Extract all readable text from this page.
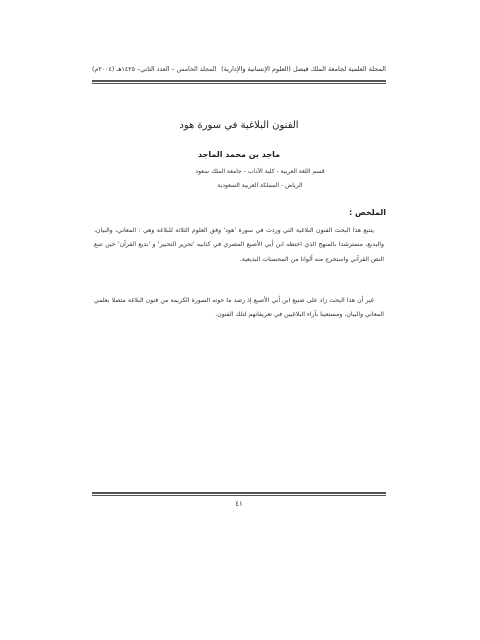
المجلة العلمية لجامعة الملك فيصل (العلوم الإنسانية والإدارية)
المجلد الخامس – العدد الثاني– ١٤٢٥هـ (٢٠٠٤م)
الفنون البلاغية في سورة هود
ماجد بن محمد الماجد
قسم اللغة العربية - كلية الآداب - جامعة الملك سعود
الرياض - المملكة العربية السعودية
الملخص :
يتتبع هذا البحث الفنون البلاغية التي وردت في سورة 'هود' وفق العلوم الثلاثة للبلاغة وهي : المعاني، والبيان، والبديع، مسترشدا بالمنهج الذي اختطه ابن أبي الأصبع المصري في كتابيه 'تحرير التحبير' و 'بديع القرآن' حين تتبع النص القرآني واستخرج منه ألوانا من المحسنات البديعية.
غير أن هذا البحث زاد على صنيع ابن أبي الأصبع إذ رصد ما حوته السورة الكريمة من فنون البلاغة متصلا بعلمي المعاني والبيان، ومستعينا بآراء البلاغيين في تعريفاتهم لتلك الفنون.
٤١
